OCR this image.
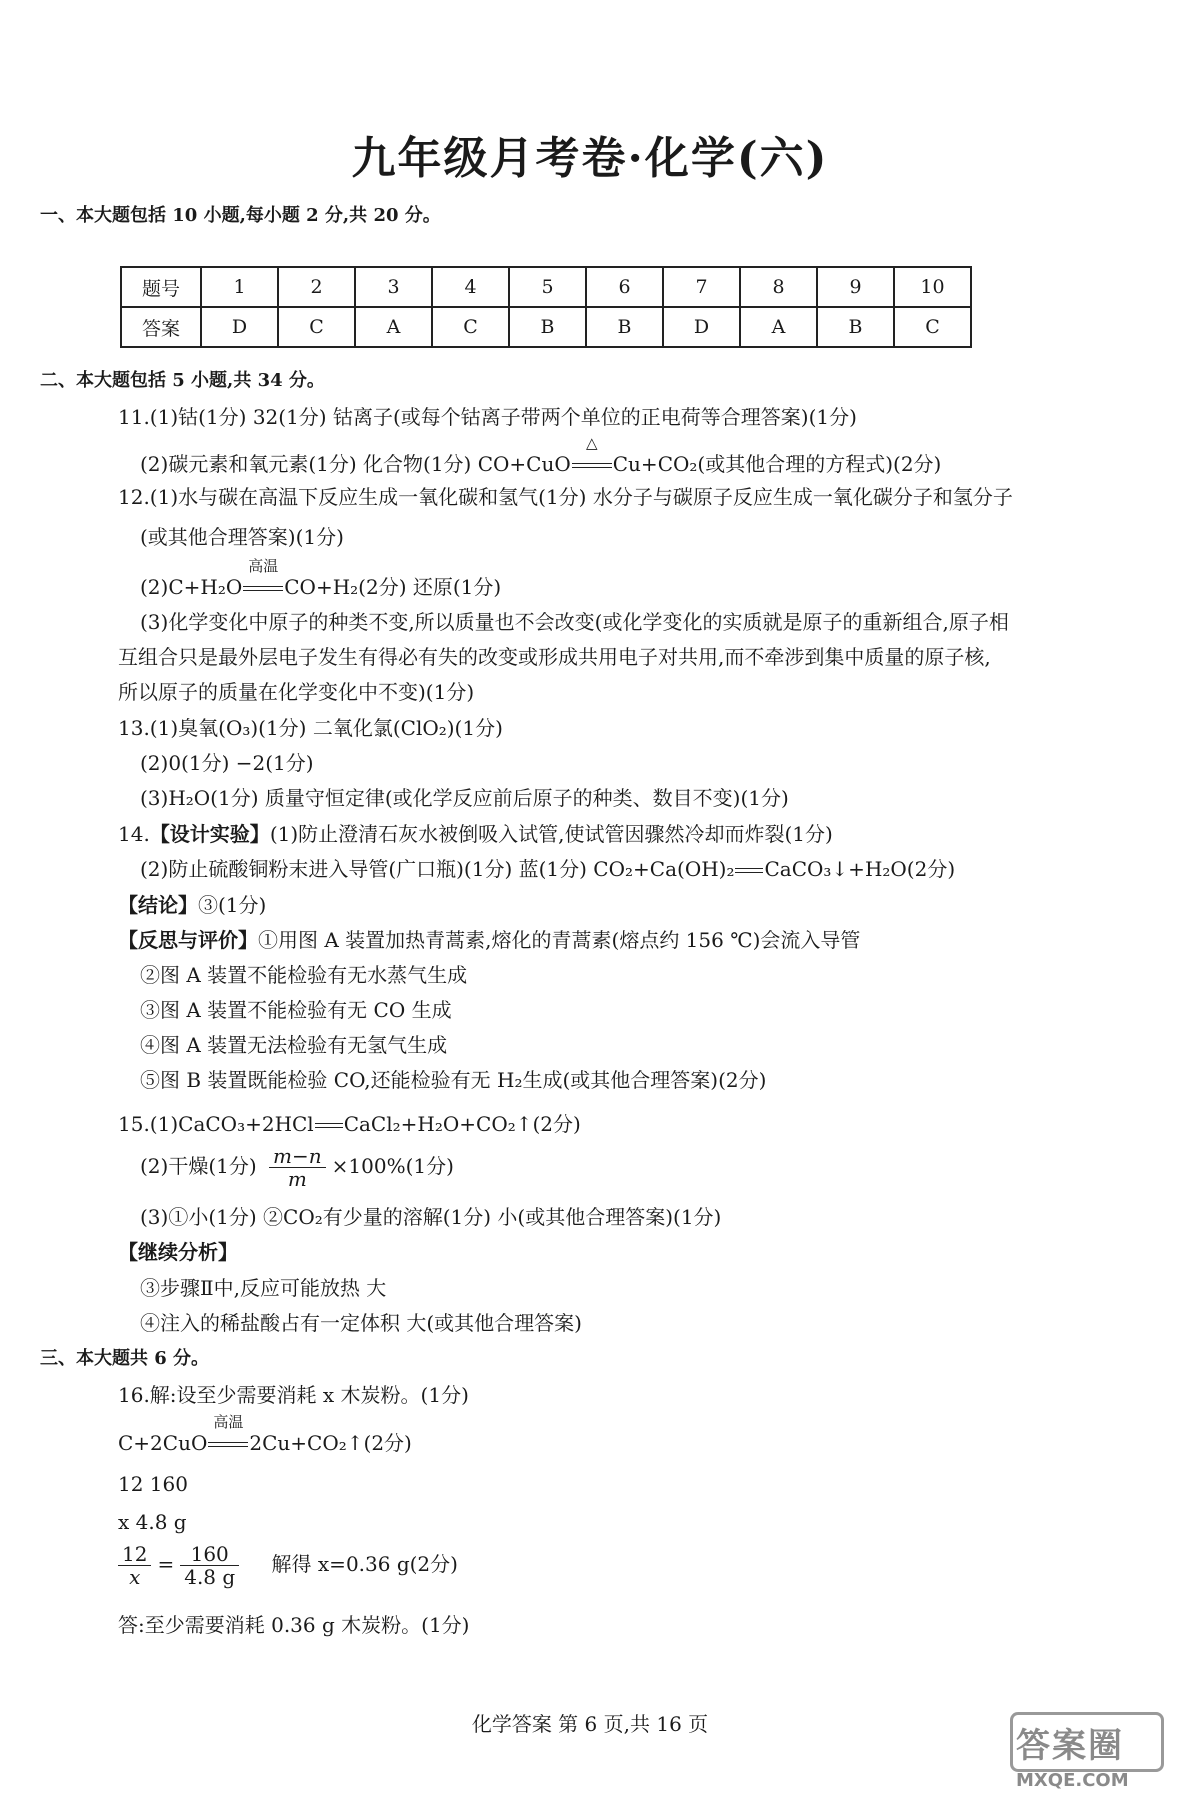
九年级月考卷·化学(六)
一、本大题包括 10 小题,每小题 2 分,共 20 分。
题号	1	2	3	4	5	6	7	8	9	10
答案	D	C	A	C	B	B	D	A	B	C
二、本大题包括 5 小题,共 34 分。
11.(1)钴(1分) 32(1分) 钴离子(或每个钴离子带两个单位的正电荷等合理答案)(1分)
(2)碳元素和氧元素(1分) 化合物(1分) CO+CuO
△
Cu+CO₂(或其他合理的方程式)(2分)
12.(1)水与碳在高温下反应生成一氧化碳和氢气(1分) 水分子与碳原子反应生成一氧化碳分子和氢分子
(或其他合理答案)(1分)
(2)C+H₂O
高温
CO+H₂(2分) 还原(1分)
(3)化学变化中原子的种类不变,所以质量也不会改变(或化学变化的实质就是原子的重新组合,原子相
互组合只是最外层电子发生有得必有失的改变或形成共用电子对共用,而不牵涉到集中质量的原子核,
所以原子的质量在化学变化中不变)(1分)
13.(1)臭氧(O₃)(1分) 二氧化氯(ClO₂)(1分)
(2)0(1分) −2(1分)
(3)H₂O(1分) 质量守恒定律(或化学反应前后原子的种类、数目不变)(1分)
14.【设计实验】(1)防止澄清石灰水被倒吸入试管,使试管因骤然冷却而炸裂(1分)
(2)防止硫酸铜粉末进入导管(广口瓶)(1分) 蓝(1分) CO₂+Ca(OH)₂ CaCO₃↓+H₂O(2分)
【结论】③(1分)
【反思与评价】①用图 A 装置加热青蒿素,熔化的青蒿素(熔点约 156 ℃)会流入导管
②图 A 装置不能检验有无水蒸气生成
③图 A 装置不能检验有无 CO 生成
④图 A 装置无法检验有无氢气生成
⑤图 B 装置既能检验 CO,还能检验有无 H₂生成(或其他合理答案)(2分)
15.(1)CaCO₃+2HCl CaCl₂+H₂O+CO₂↑(2分)
(2)干燥(1分) $\frac{m-n}{m} \times 100\%(1$分)
(3)①小(1分) ②CO₂有少量的溶解(1分) 小(或其他合理答案)(1分)
【继续分析】
③步骤Ⅱ中,反应可能放热 大
④注入的稀盐酸占有一定体积 大(或其他合理答案)
三、本大题共 6 分。
16.解:设至少需要消耗 x 木炭粉。(1分)
C+2CuO
高温
2Cu+CO₂↑(2分)
12 160
x 4.8 g
$\frac{12}{x} = \frac{160}{4.8 g}$ 解得 x=0.36 g(2分)
答:至少需要消耗 0.36 g 木炭粉。(1分)
化学答案 第 6 页,共 16 页
答案圈
MXQE.COM
